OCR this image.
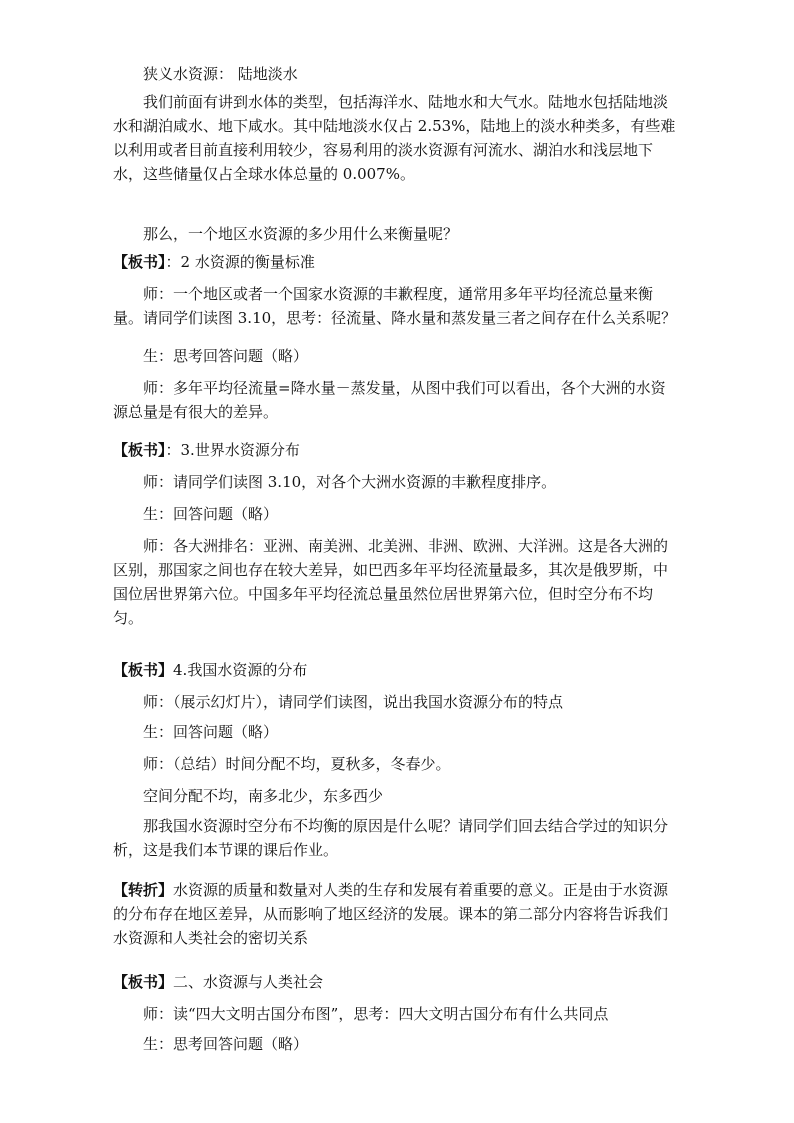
狭义水资源： 陆地淡水

我们前面有讲到水体的类型，包括海洋水、陆地水和大气水。陆地水包括陆地淡水和湖泊咸水、地下咸水。其中陆地淡水仅占 2.53%，陆地上的淡水种类多，有些难以利用或者目前直接利用较少，容易利用的淡水资源有河流水、湖泊水和浅层地下水，这些储量仅占全球水体总量的 0.007%。

那么，一个地区水资源的多少用什么来衡量呢？

【板书】：2 水资源的衡量标准

师：一个地区或者一个国家水资源的丰歉程度，通常用多年平均径流总量来衡量。请同学们读图 3.10，思考：径流量、降水量和蒸发量三者之间存在什么关系呢？

生：思考回答问题（略）

师：多年平均径流量=降水量－蒸发量，从图中我们可以看出，各个大洲的水资源总量是有很大的差异。

【板书】：3.世界水资源分布

师：请同学们读图 3.10，对各个大洲水资源的丰歉程度排序。

生：回答问题（略）

师：各大洲排名：亚洲、南美洲、北美洲、非洲、欧洲、大洋洲。这是各大洲的区别，那国家之间也存在较大差异，如巴西多年平均径流量最多，其次是俄罗斯，中国位居世界第六位。中国多年平均径流总量虽然位居世界第六位，但时空分布不均匀。

【板书】4.我国水资源的分布

师：（展示幻灯片），请同学们读图，说出我国水资源分布的特点

生：回答问题（略）

师：（总结）时间分配不均，夏秋多，冬春少。

空间分配不均，南多北少，东多西少

那我国水资源时空分布不均衡的原因是什么呢？请同学们回去结合学过的知识分析，这是我们本节课的课后作业。

【转折】水资源的质量和数量对人类的生存和发展有着重要的意义。正是由于水资源的分布存在地区差异，从而影响了地区经济的发展。课本的第二部分内容将告诉我们水资源和人类社会的密切关系

【板书】二、水资源与人类社会

师：读“四大文明古国分布图”，思考：四大文明古国分布有什么共同点

生：思考回答问题（略）
